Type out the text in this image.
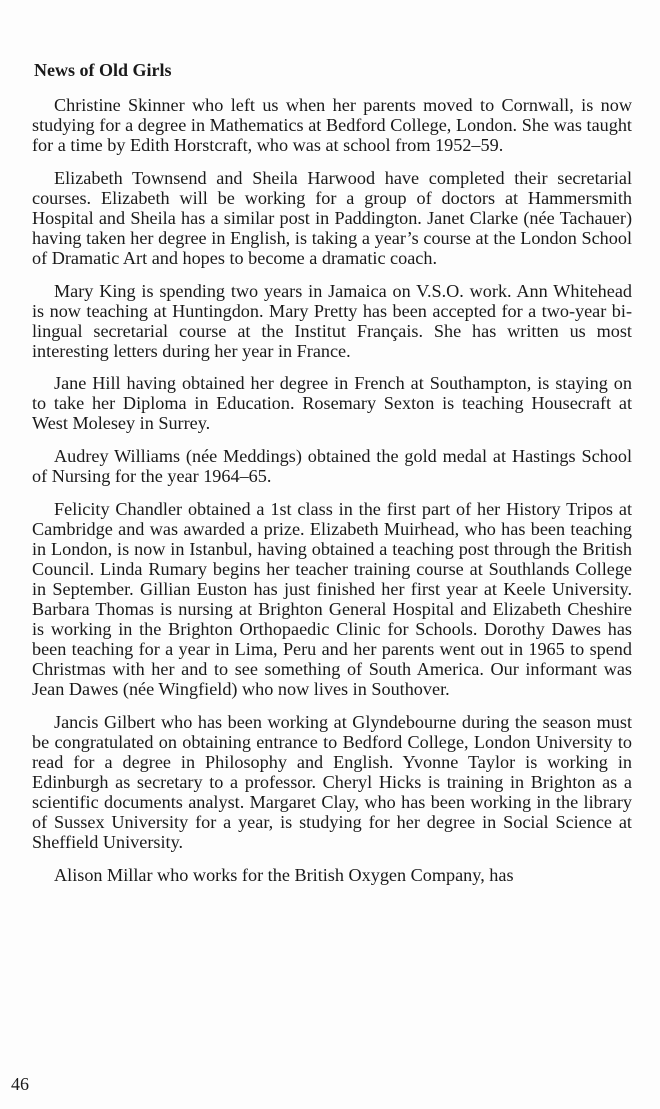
News of Old Girls

Christine Skinner who left us when her parents moved to Cornwall, is now studying for a degree in Mathematics at Bedford College, London. She was taught for a time by Edith Horstcraft, who was at school from 1952–59.

Elizabeth Townsend and Sheila Harwood have completed their secretarial courses. Elizabeth will be working for a group of doctors at Hammersmith Hospital and Sheila has a similar post in Paddington. Janet Clarke (née Tachauer) having taken her degree in English, is taking a year’s course at the London School of Dramatic Art and hopes to become a dramatic coach.

Mary King is spending two years in Jamaica on V.S.O. work. Ann Whitehead is now teaching at Huntingdon. Mary Pretty has been accepted for a two-year bi-lingual secretarial course at the Institut Français. She has written us most interesting letters during her year in France.

Jane Hill having obtained her degree in French at Southampton, is staying on to take her Diploma in Education. Rosemary Sexton is teaching Housecraft at West Molesey in Surrey.

Audrey Williams (née Meddings) obtained the gold medal at Hastings School of Nursing for the year 1964–65.

Felicity Chandler obtained a 1st class in the first part of her History Tripos at Cambridge and was awarded a prize. Elizabeth Muirhead, who has been teaching in London, is now in Istanbul, having obtained a teaching post through the British Council. Linda Rumary begins her teacher training course at Southlands College in September. Gillian Euston has just finished her first year at Keele University. Barbara Thomas is nursing at Brighton General Hospital and Elizabeth Cheshire is working in the Brighton Orthopaedic Clinic for Schools. Dorothy Dawes has been teaching for a year in Lima, Peru and her parents went out in 1965 to spend Christmas with her and to see something of South America. Our informant was Jean Dawes (née Wingfield) who now lives in Southover.

Jancis Gilbert who has been working at Glyndebourne during the season must be congratulated on obtaining entrance to Bedford College, London University to read for a degree in Philosophy and English. Yvonne Taylor is working in Edinburgh as secretary to a professor. Cheryl Hicks is training in Brighton as a scientific documents analyst. Margaret Clay, who has been working in the library of Sussex University for a year, is studying for her degree in Social Science at Sheffield University.

Alison Millar who works for the British Oxygen Company, has

46
